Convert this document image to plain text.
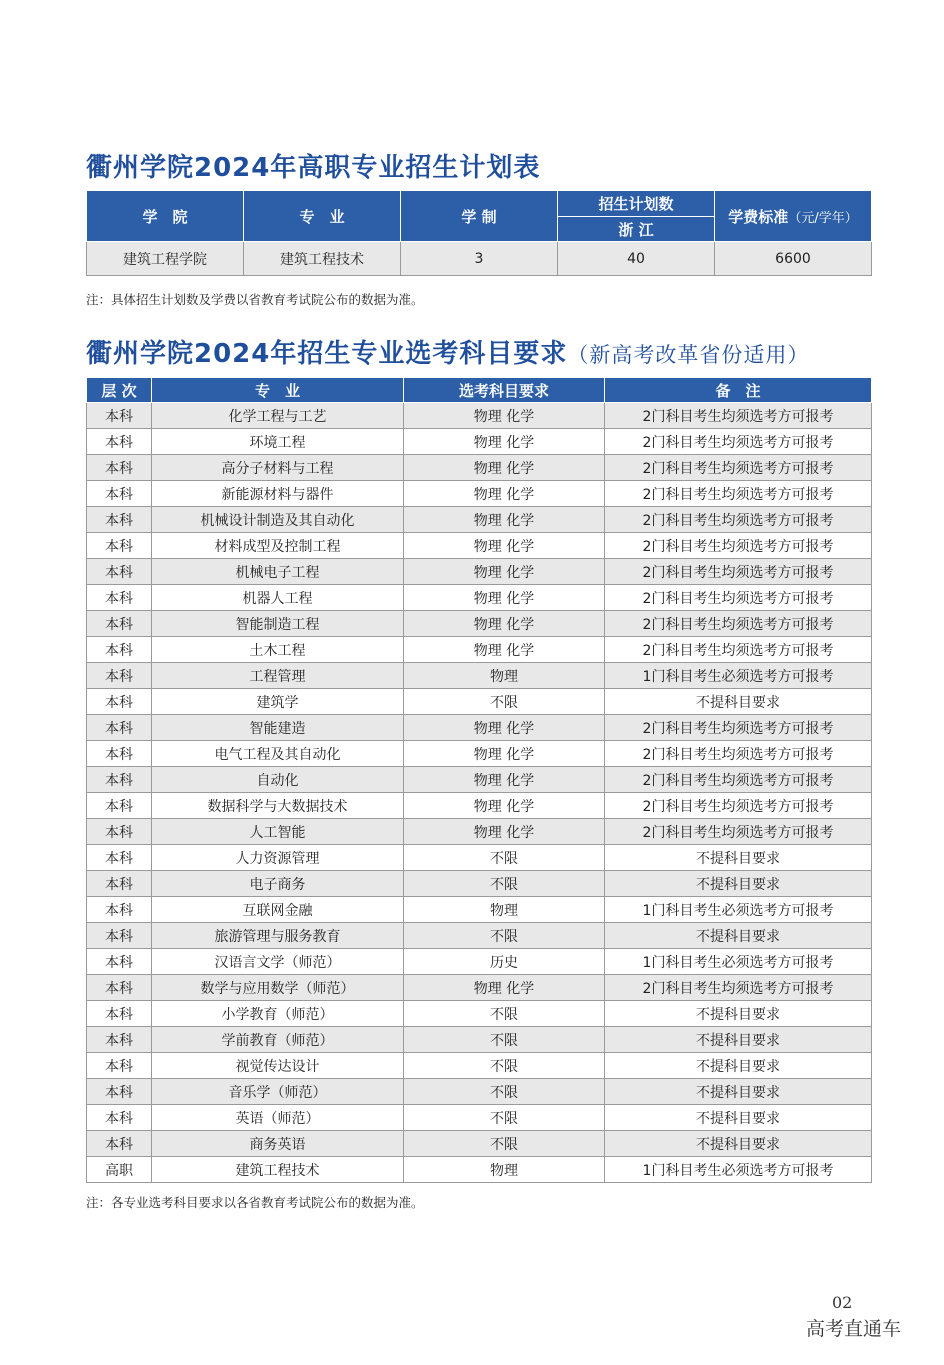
衢州学院2024年高职专业招生计划表
学　院	专　业	学 制	招生计划数	学费标准（元/学年）
			浙 江	
建筑工程学院	建筑工程技术	3	40	6600
注：具体招生计划数及学费以省教育考试院公布的数据为准。
衢州学院2024年招生专业选考科目要求（新高考改革省份适用）
层 次	专　业	选考科目要求	备　注
本科	化学工程与工艺	物理 化学	2门科目考生均须选考方可报考
本科	环境工程	物理 化学	2门科目考生均须选考方可报考
本科	高分子材料与工程	物理 化学	2门科目考生均须选考方可报考
本科	新能源材料与器件	物理 化学	2门科目考生均须选考方可报考
本科	机械设计制造及其自动化	物理 化学	2门科目考生均须选考方可报考
本科	材料成型及控制工程	物理 化学	2门科目考生均须选考方可报考
本科	机械电子工程	物理 化学	2门科目考生均须选考方可报考
本科	机器人工程	物理 化学	2门科目考生均须选考方可报考
本科	智能制造工程	物理 化学	2门科目考生均须选考方可报考
本科	土木工程	物理 化学	2门科目考生均须选考方可报考
本科	工程管理	物理	1门科目考生必须选考方可报考
本科	建筑学	不限	不提科目要求
本科	智能建造	物理 化学	2门科目考生均须选考方可报考
本科	电气工程及其自动化	物理 化学	2门科目考生均须选考方可报考
本科	自动化	物理 化学	2门科目考生均须选考方可报考
本科	数据科学与大数据技术	物理 化学	2门科目考生均须选考方可报考
本科	人工智能	物理 化学	2门科目考生均须选考方可报考
本科	人力资源管理	不限	不提科目要求
本科	电子商务	不限	不提科目要求
本科	互联网金融	物理	1门科目考生必须选考方可报考
本科	旅游管理与服务教育	不限	不提科目要求
本科	汉语言文学（师范）	历史	1门科目考生必须选考方可报考
本科	数学与应用数学（师范）	物理 化学	2门科目考生均须选考方可报考
本科	小学教育（师范）	不限	不提科目要求
本科	学前教育（师范）	不限	不提科目要求
本科	视觉传达设计	不限	不提科目要求
本科	音乐学（师范）	不限	不提科目要求
本科	英语（师范）	不限	不提科目要求
本科	商务英语	不限	不提科目要求
高职	建筑工程技术	物理	1门科目考生必须选考方可报考
注：各专业选考科目要求以各省教育考试院公布的数据为准。
02
高考直通车
